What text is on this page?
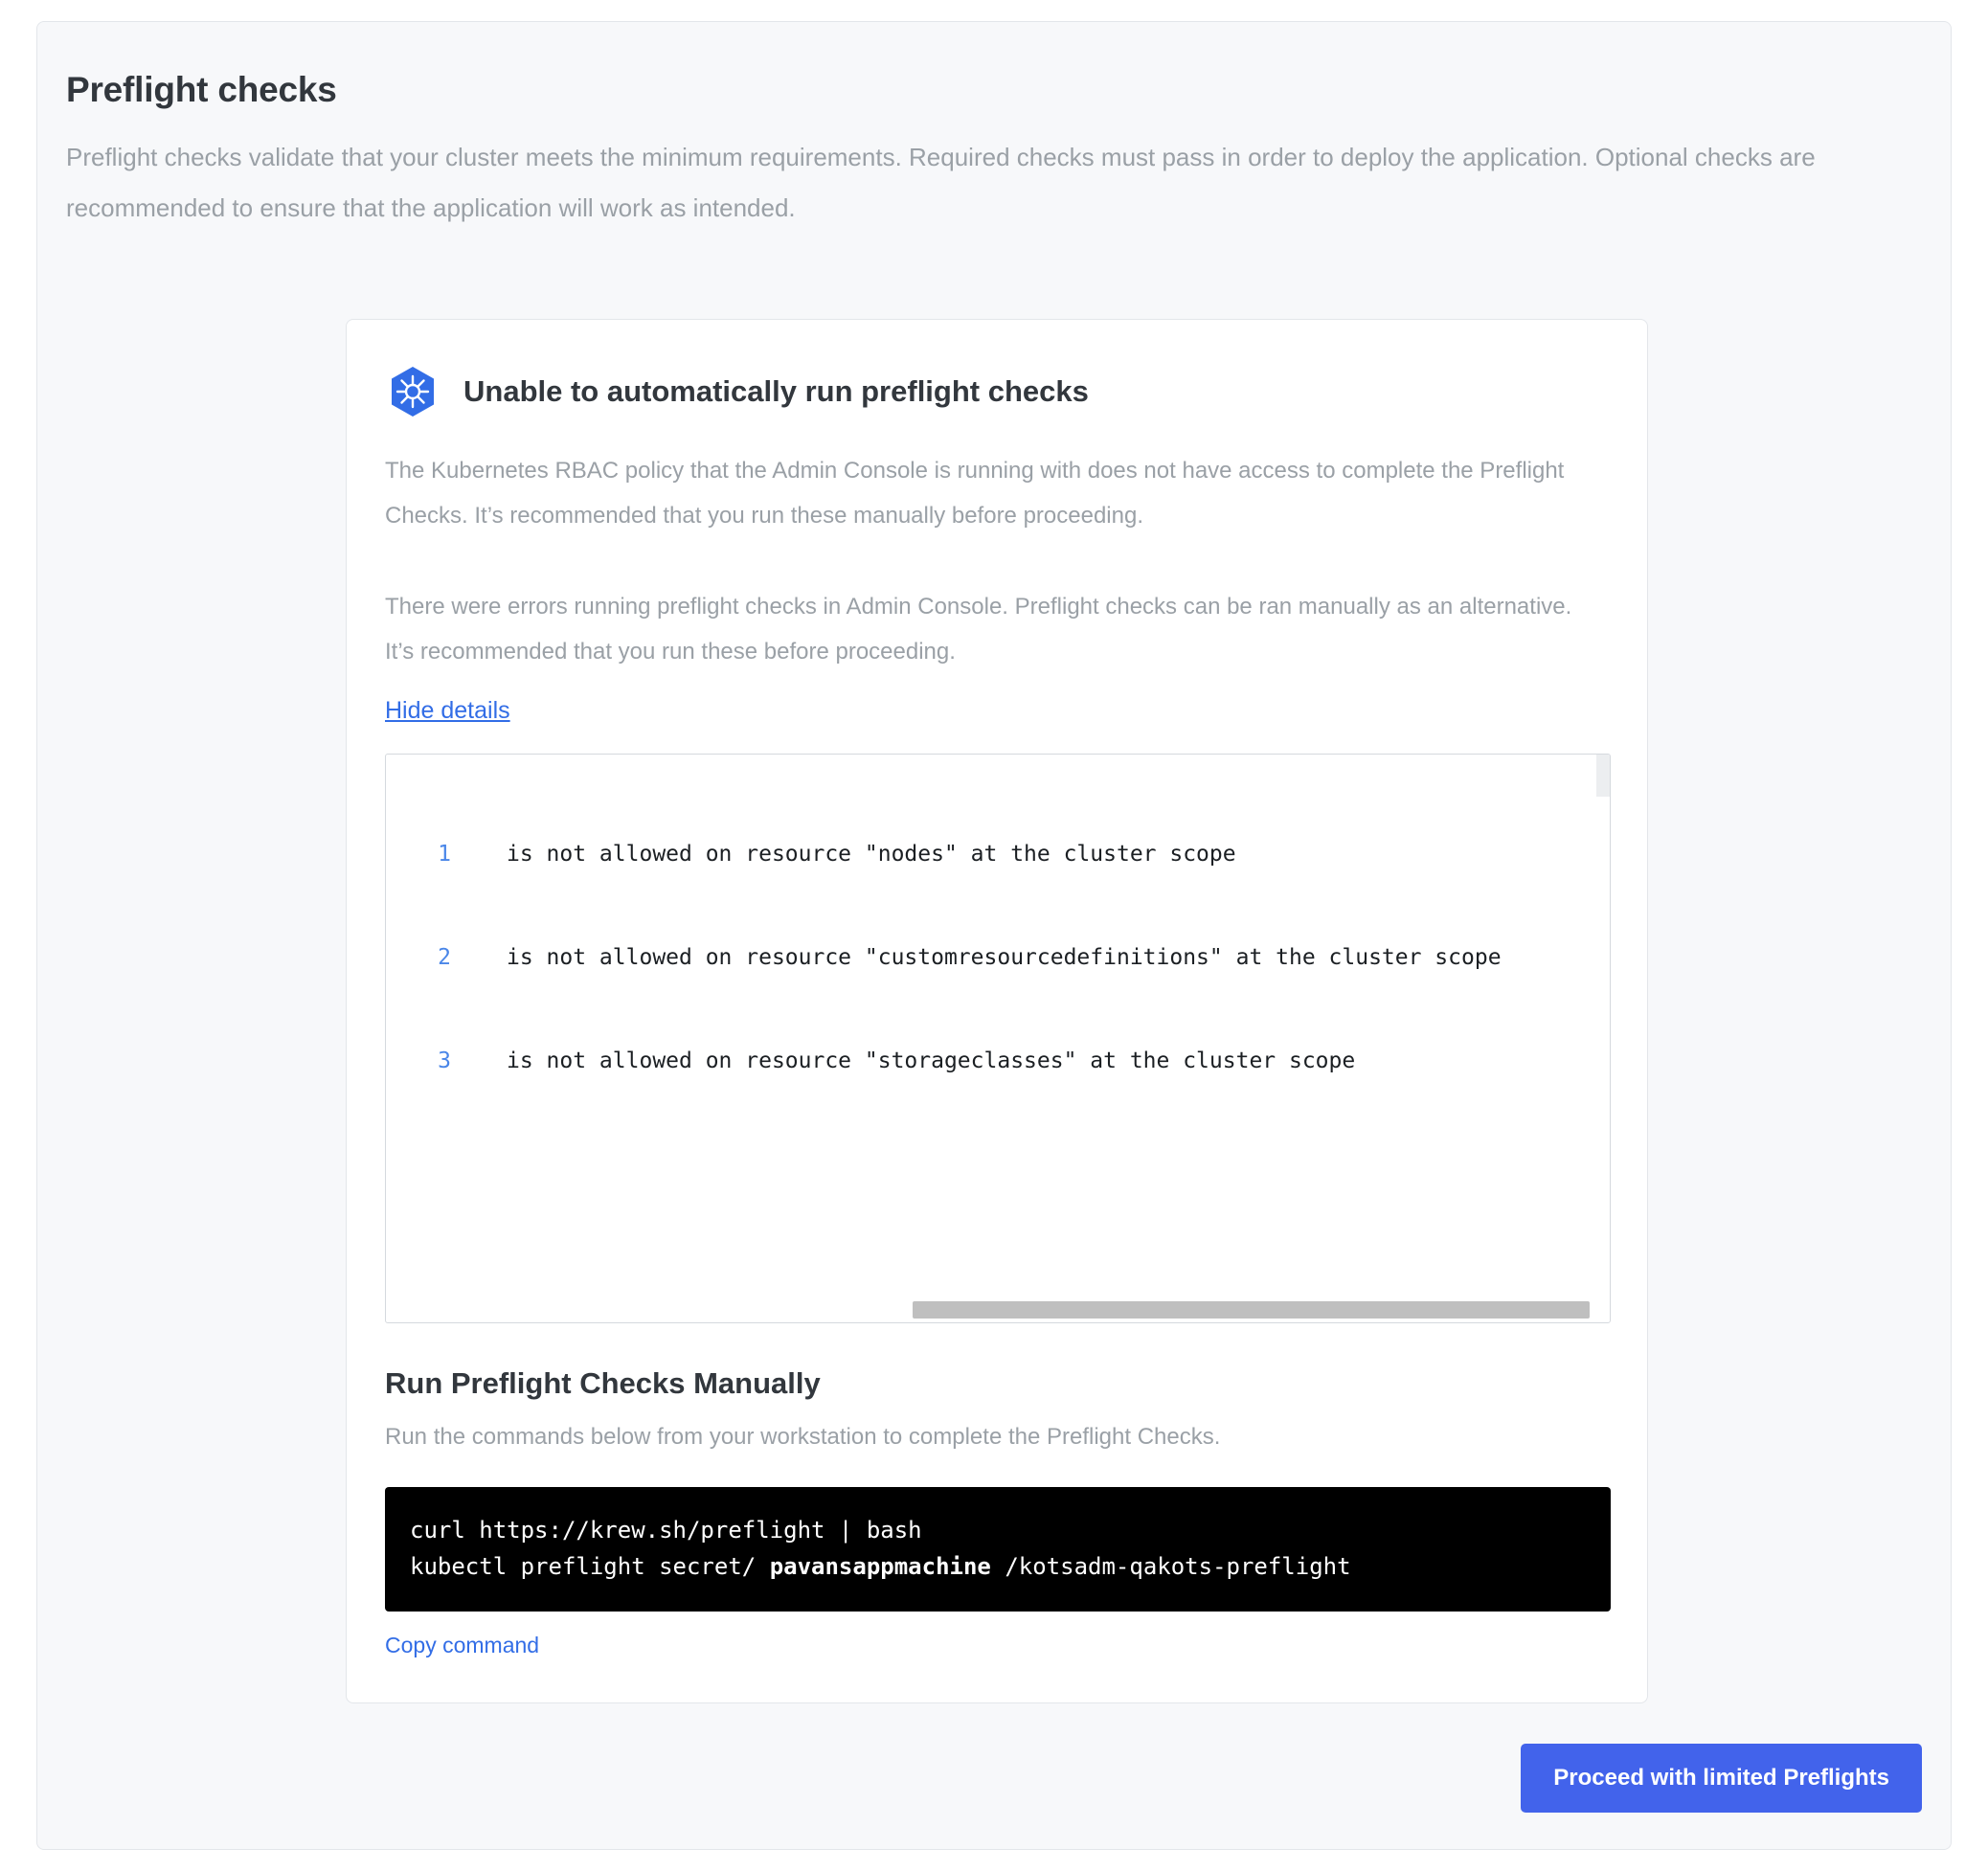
Preflight checks
Preflight checks validate that your cluster meets the minimum requirements. Required checks must pass in order to deploy the application. Optional checks are recommended to ensure that the application will work as intended.
Unable to automatically run preflight checks
The Kubernetes RBAC policy that the Admin Console is running with does not have access to complete the Preflight Checks. It’s recommended that you run these manually before proceeding.
There were errors running preflight checks in Admin Console. Preflight checks can be ran manually as an alternative. It’s recommended that you run these before proceeding.
Hide details

1	is not allowed on resource "nodes" at the cluster scope

2	is not allowed on resource "customresourcedefinitions" at the cluster scope

3	is not allowed on resource "storageclasses" at the cluster scope

Run Preflight Checks Manually
Run the commands below from your workstation to complete the Preflight Checks.
curl https://krew.sh/preflight | bash
kubectl preflight secret/ pavansappmachine /kotsadm-qakots-preflight
Copy command
Proceed with limited Preflights
